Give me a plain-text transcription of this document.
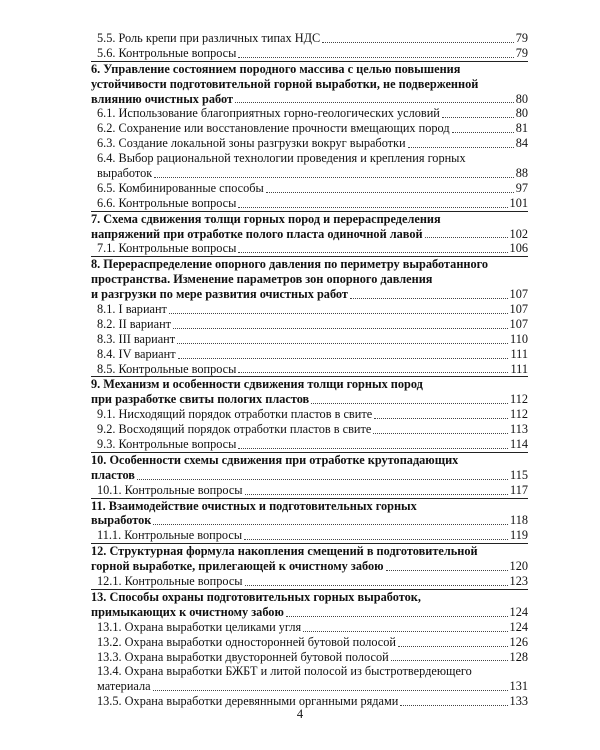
5.5. Роль крепи при различных типах НДС	79
5.6. Контрольные вопросы	79
6. Управление состоянием породного массива с целью повышения
устойчивости подготовительной горной выработки, не подверженной
влиянию очистных работ	80
6.1. Использование благоприятных горно-геологических условий	80
6.2. Сохранение или восстановление прочности вмещающих пород	81
6.3. Создание локальной зоны разгрузки вокруг выработки	84
6.4. Выбор рациональной технологии проведения и крепления горных
выработок	88
6.5. Комбинированные способы	97
6.6. Контрольные вопросы	101
7. Схема сдвижения толщи горных пород и перераспределения
напряжений при отработке полого пласта одиночной лавой	102
7.1. Контрольные вопросы	106
8. Перераспределение опорного давления по периметру выработанного
пространства. Изменение параметров зон опорного давления
и разгрузки по мере развития очистных работ	107
8.1. I вариант	107
8.2. II вариант	107
8.3. III вариант	110
8.4. IV вариант	111
8.5. Контрольные вопросы	111
9. Механизм и особенности сдвижения толщи горных пород
при разработке свиты пологих пластов	112
9.1. Нисходящий порядок отработки пластов в свите	112
9.2. Восходящий порядок отработки пластов в свите	113
9.3. Контрольные вопросы	114
10. Особенности схемы сдвижения при отработке крутопадающих
пластов	115
10.1. Контрольные вопросы	117
11. Взаимодействие очистных и подготовительных горных
выработок	118
11.1. Контрольные вопросы	119
12. Структурная формула накопления смещений в подготовительной
горной выработке, прилегающей к очистному забою	120
12.1. Контрольные вопросы	123
13. Способы охраны подготовительных горных выработок,
примыкающих к очистному забою	124
13.1. Охрана выработки целиками угля	124
13.2. Охрана выработки односторонней бутовой полосой	126
13.3. Охрана выработки двусторонней бутовой полосой	128
13.4. Охрана выработки БЖБТ и литой полосой из быстротвердеющего
материала	131
13.5. Охрана выработки деревянными органными рядами	133
4
